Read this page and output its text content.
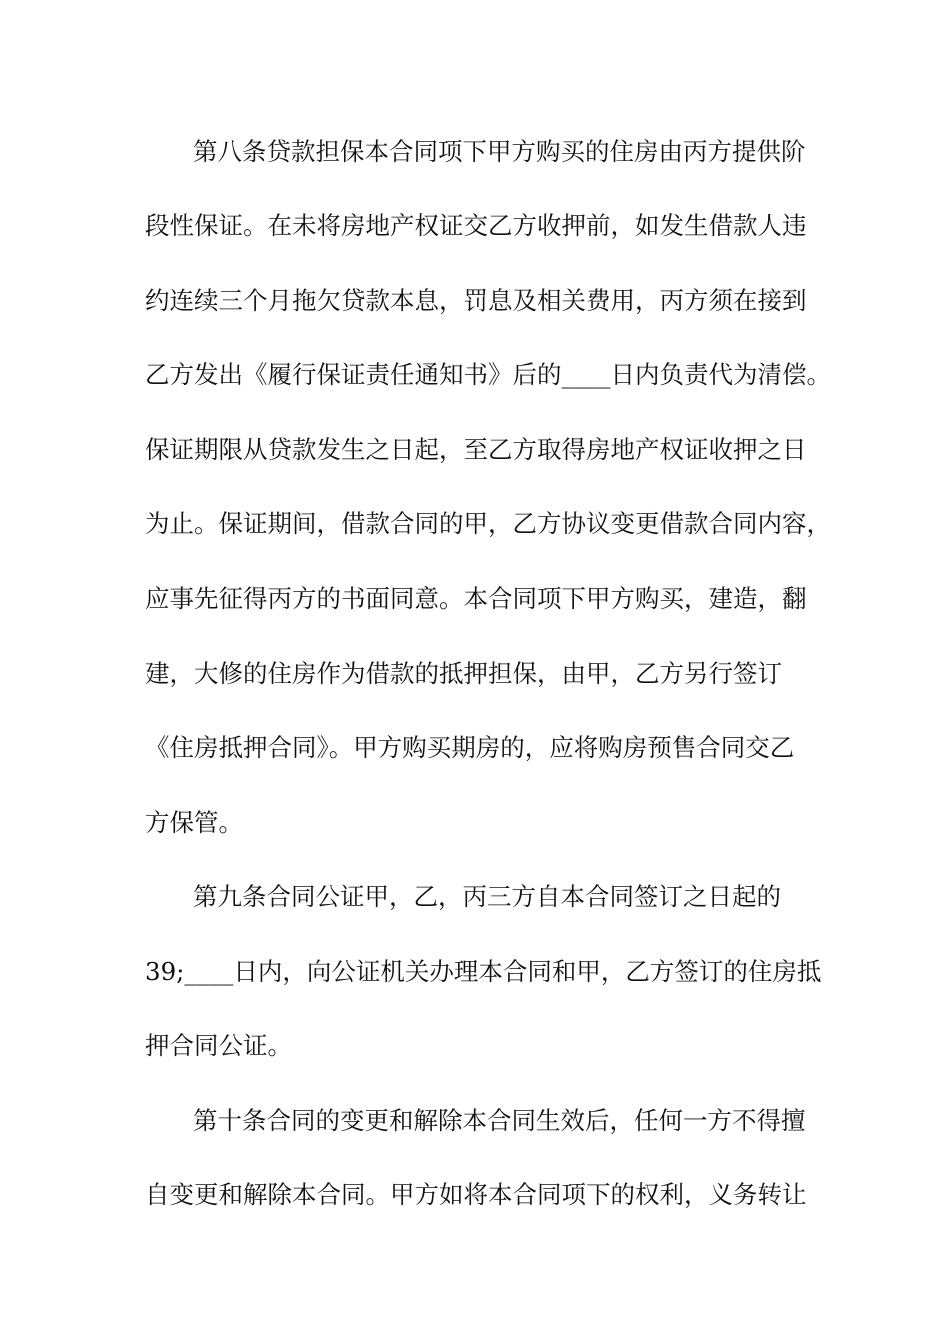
第八条贷款担保本合同项下甲方购买的住房由丙方提供阶
段性保证。在未将房地产权证交乙方收押前，如发生借款人违
约连续三个月拖欠贷款本息，罚息及相关费用，丙方须在接到
乙方发出《履行保证责任通知书》后的____日内负责代为清偿。
保证期限从贷款发生之日起，至乙方取得房地产权证收押之日
为止。保证期间，借款合同的甲，乙方协议变更借款合同内容，
应事先征得丙方的书面同意。本合同项下甲方购买，建造，翻
建，大修的住房作为借款的抵押担保，由甲，乙方另行签订
《住房抵押合同》。甲方购买期房的，应将购房预售合同交乙
方保管。
第九条合同公证甲，乙，丙三方自本合同签订之日起的
39;____日内，向公证机关办理本合同和甲，乙方签订的住房抵
押合同公证。
第十条合同的变更和解除本合同生效后，任何一方不得擅
自变更和解除本合同。甲方如将本合同项下的权利，义务转让
